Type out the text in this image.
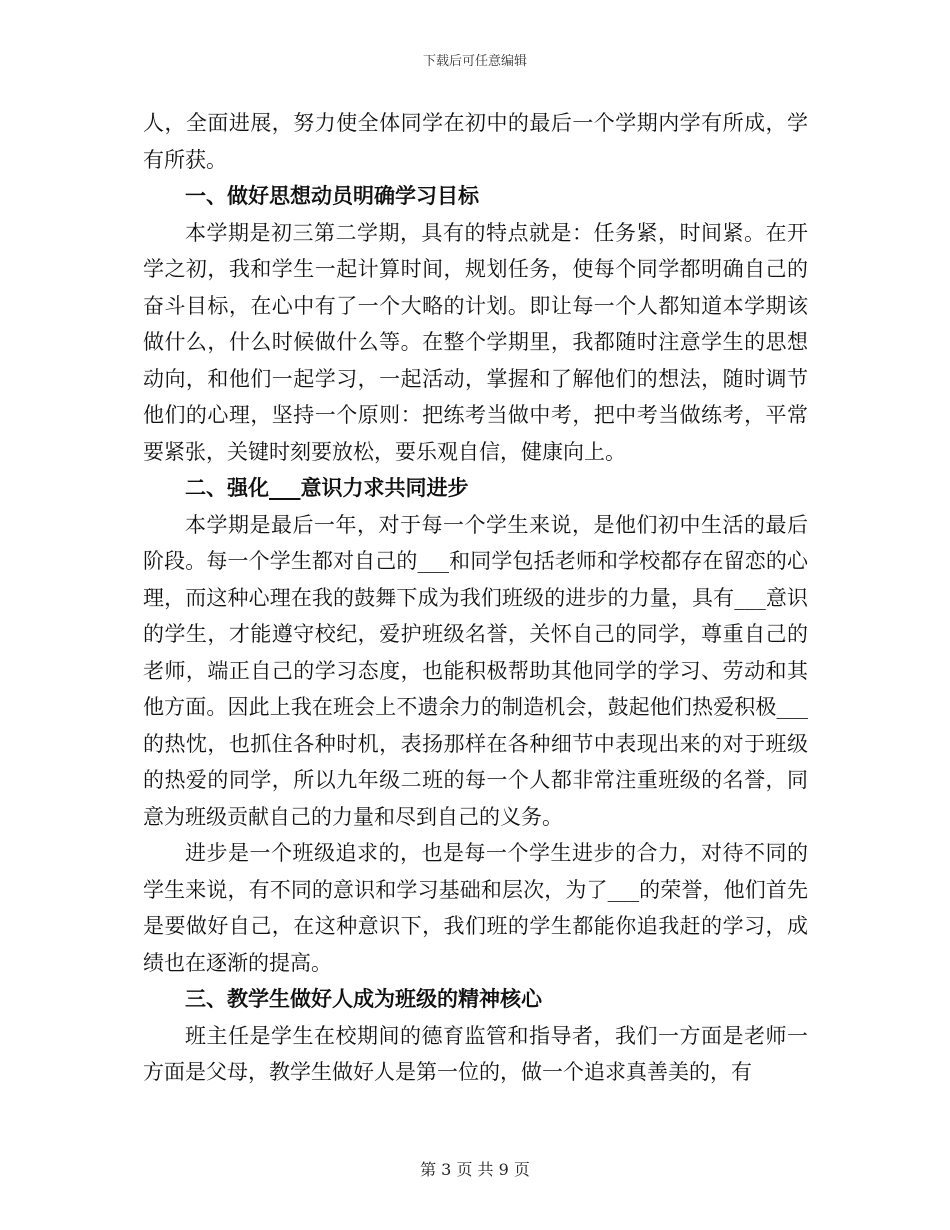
下载后可任意编辑

人，全面进展，努力使全体同学在初中的最后一个学期内学有所成，学有所获。

一、做好思想动员明确学习目标

本学期是初三第二学期，具有的特点就是：任务紧，时间紧。在开学之初，我和学生一起计算时间，规划任务，使每个同学都明确自己的奋斗目标，在心中有了一个大略的计划。即让每一个人都知道本学期该做什么，什么时候做什么等。在整个学期里，我都随时注意学生的思想动向，和他们一起学习，一起活动，掌握和了解他们的想法，随时调节他们的心理，坚持一个原则：把练考当做中考，把中考当做练考，平常要紧张，关键时刻要放松，要乐观自信，健康向上。

二、强化___意识力求共同进步

本学期是最后一年，对于每一个学生来说，是他们初中生活的最后阶段。每一个学生都对自己的___和同学包括老师和学校都存在留恋的心理，而这种心理在我的鼓舞下成为我们班级的进步的力量，具有___意识的学生，才能遵守校纪，爱护班级名誉，关怀自己的同学，尊重自己的老师，端正自己的学习态度，也能积极帮助其他同学的学习、劳动和其他方面。因此上我在班会上不遗余力的制造机会，鼓起他们热爱积极___的热忱，也抓住各种时机，表扬那样在各种细节中表现出来的对于班级的热爱的同学，所以九年级二班的每一个人都非常注重班级的名誉，同意为班级贡献自己的力量和尽到自己的义务。

进步是一个班级追求的，也是每一个学生进步的合力，对待不同的学生来说，有不同的意识和学习基础和层次，为了___的荣誉，他们首先是要做好自己，在这种意识下，我们班的学生都能你追我赶的学习，成绩也在逐渐的提高。

三、教学生做好人成为班级的精神核心

班主任是学生在校期间的德育监管和指导者，我们一方面是老师一方面是父母，教学生做好人是第一位的，做一个追求真善美的，有

第 3 页 共 9 页
